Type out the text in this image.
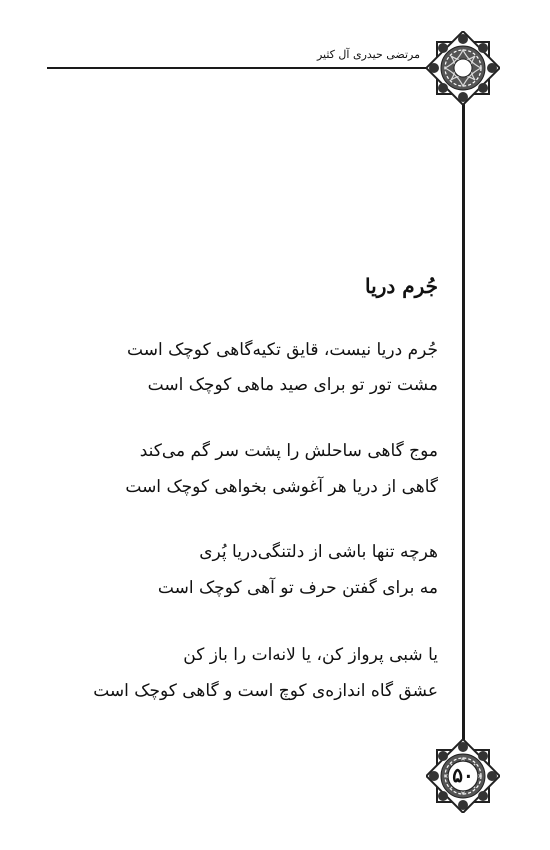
مرتضی حیدری آل کثیر
جُرم دریا
جُرم دریا نیست، قایق تکیه‌گاهی کوچک است
مشت تور تو برای صید ماهی کوچک است
موج گاهی ساحلش را پشت سر گم می‌کند
گاهی از دریا هر آغوشی بخواهی کوچک است
هرچه تنها باشی از دلتنگی‌دریا پُری
مه برای گفتن حرف تو آهی کوچک است
یا شبی پرواز کن، یا لانه‌ات را باز کن
عشق گاه اندازه‌ی کوچ است و گاهی کوچک است
۵۰
